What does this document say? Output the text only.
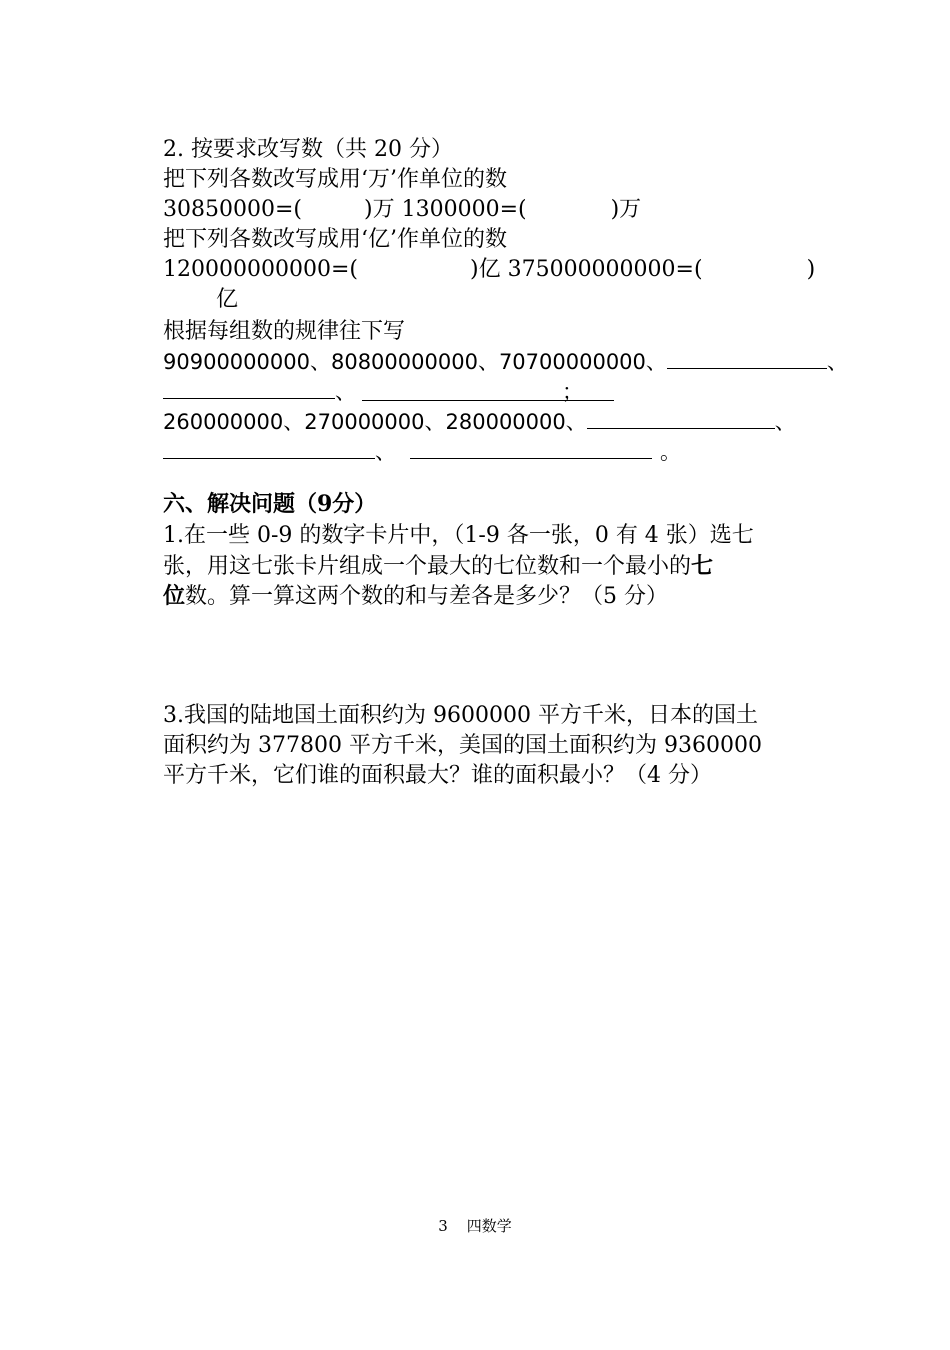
2. 按要求改写数（共 20 分）
把下列各数改写成用‘万’作单位的数
30850000=(	)万 1300000=(	)万
把下列各数改写成用‘亿’作单位的数
120000000000=(	)亿 375000000000=(	)
亿
根据每组数的规律往下写
90900000000、80800000000、70700000000、	、
、	；
260000000、270000000、280000000、	、
、	。
六、解决问题（9分）
1.在一些 0-9 的数字卡片中，（1-9 各一张，0 有 4 张）选七
张，用这七张卡片组成一个最大的七位数和一个最小的七
位数。算一算这两个数的和与差各是多少？（5 分）
3.我国的陆地国土面积约为 9600000 平方千米，日本的国土
面积约为 377800 平方千米，美国的国土面积约为 9360000
平方千米，它们谁的面积最大？谁的面积最小？（4 分）
3    四数学
